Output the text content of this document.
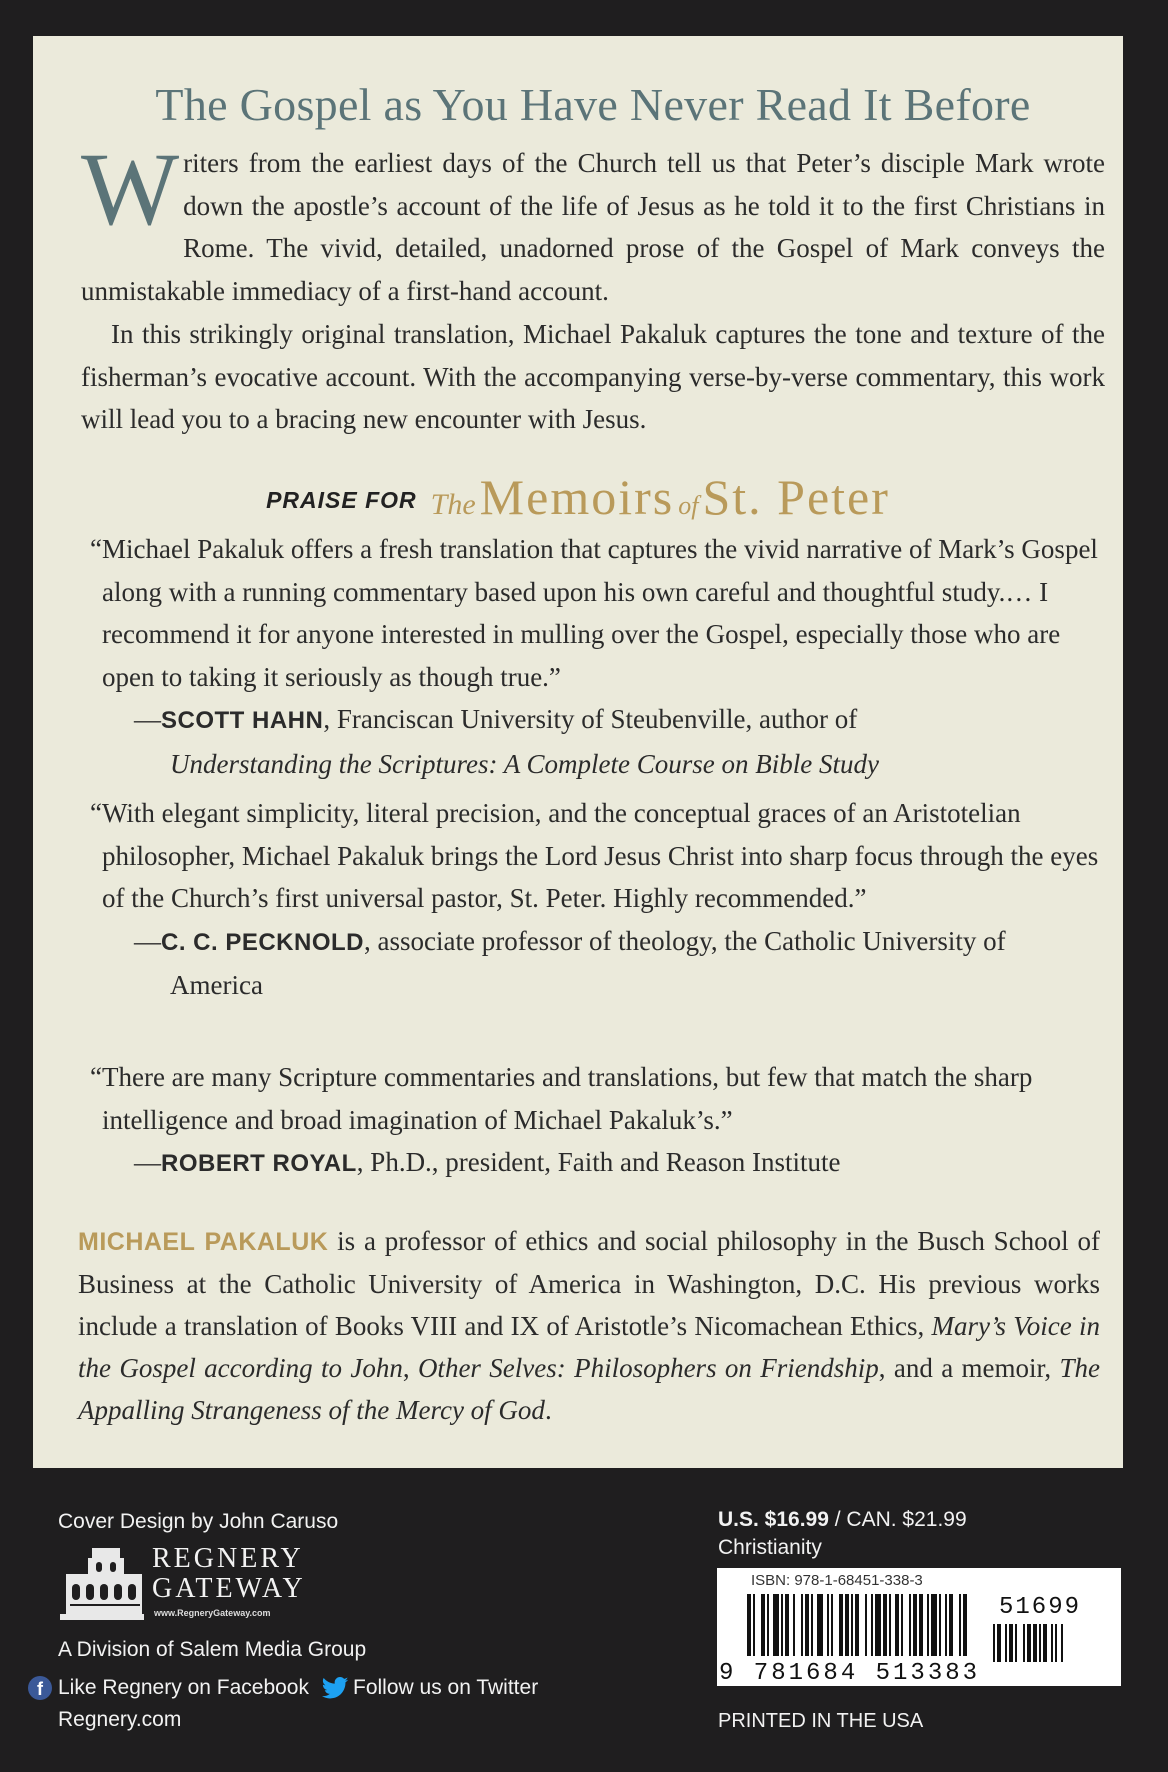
The Gospel as You Have Never Read It Before
Writers from the earliest days of the Church tell us that Peter’s disciple Mark wrote down the apostle’s account of the life of Jesus as he told it to the first Christians in Rome. The vivid, detailed, unadorned prose of the Gospel of Mark conveys the unmistakable immediacy of a first-hand account.
In this strikingly original translation, Michael Pakaluk captures the tone and texture of the fisherman’s evocative account. With the accompanying verse-by-verse commentary, this work will lead you to a bracing new encounter with Jesus.
PRAISE FOR The Memoirs of St. Peter
“Michael Pakaluk offers a fresh translation that captures the vivid narrative of Mark’s Gospel along with a running commentary based upon his own careful and thoughtful study.… I recommend it for anyone interested in mulling over the Gospel, especially those who are open to taking it seriously as though true.”
—SCOTT HAHN, Franciscan University of Steubenville, author of
Understanding the Scriptures: A Complete Course on Bible Study
“With elegant simplicity, literal precision, and the conceptual graces of an Aristotelian philosopher, Michael Pakaluk brings the Lord Jesus Christ into sharp focus through the eyes of the Church’s first universal pastor, St. Peter. Highly recommended.”
—C. C. PECKNOLD, associate professor of theology, the Catholic University of America
“There are many Scripture commentaries and translations, but few that match the sharp intelligence and broad imagination of Michael Pakaluk’s.”
—ROBERT ROYAL, Ph.D., president, Faith and Reason Institute
MICHAEL PAKALUK is a professor of ethics and social philosophy in the Busch School of Business at the Catholic University of America in Washington, D.C. His previous works include a translation of Books VIII and IX of Aristotle’s Nicomachean Ethics, Mary’s Voice in the Gospel according to John, Other Selves: Philosophers on Friendship, and a memoir, The Appalling Strangeness of the Mercy of God.
Cover Design by John Caruso
REGNERY
GATEWAY
www.RegneryGateway.com
A Division of Salem Media Group
f Like Regnery on Facebook Follow us on Twitter
Regnery.com
U.S. $16.99 / CAN. $21.99
Christianity
ISBN: 978-1-68451-338-3
9 781684 513383
51699
PRINTED IN THE USA
